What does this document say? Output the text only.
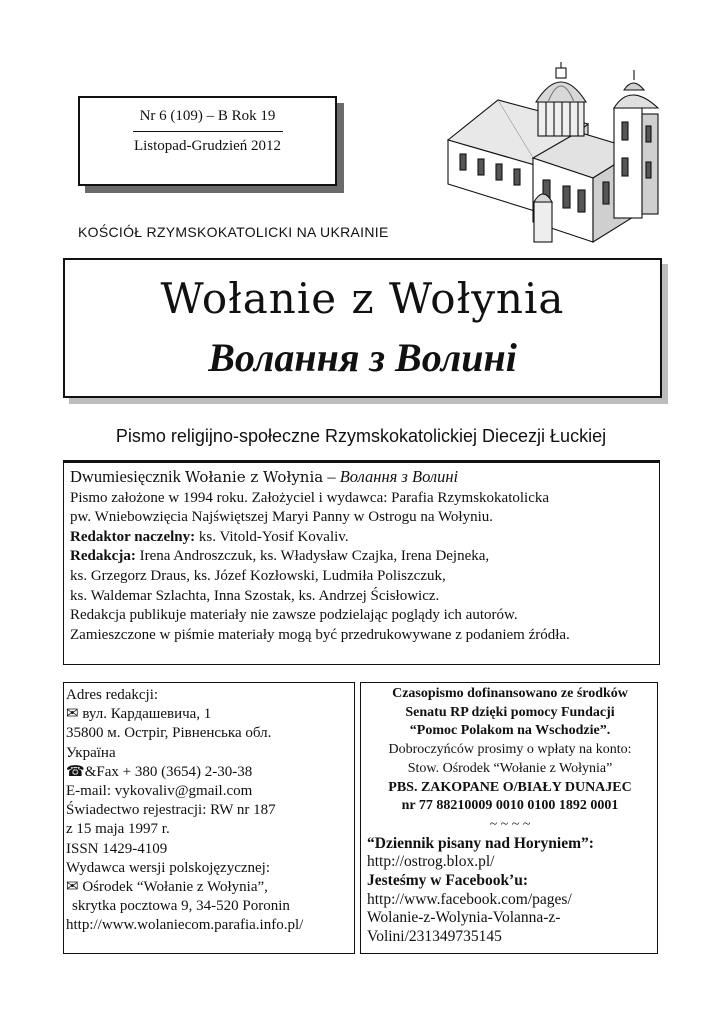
Nr 6 (109) – B Rok 19
Listopad-Grudzień 2012
KOŚCIÓŁ RZYMSKOKATOLICKI NA UKRAINIE
Wołanie z Wołynia
Волання з Волині
Pismo religijno-społeczne Rzymskokatolickiej Diecezji Łuckiej
Dwumiesięcznik Wołanie z Wołynia – Волання з Волині
Pismo założone w 1994 roku. Założyciel i wydawca: Parafia Rzymskokatolicka
pw. Wniebowzięcia Najświętszej Maryi Panny w Ostrogu na Wołyniu.
Redaktor naczelny: ks. Vitold-Yosif Kovaliv.
Redakcja: Irena Androszczuk, ks. Władysław Czajka, Irena Dejneka,
ks. Grzegorz Draus, ks. Józef Kozłowski, Ludmiła Poliszczuk,
ks. Waldemar Szlachta, Inna Szostak, ks. Andrzej Ścisłowicz.
Redakcja publikuje materiały nie zawsze podzielając poglądy ich autorów.
Zamieszczone w piśmie materiały mogą być przedrukowywane z podaniem źródła.
Adres redakcji:
✉ вул. Кардашевича, 1
35800 м. Острiг, Рiвненська обл.
Україна
☎&Fax + 380 (3654) 2-30-38
E-mail: vykovaliv@gmail.com
Świadectwo rejestracji: RW nr 187
z 15 maja 1997 r.
ISSN 1429-4109
Wydawca wersji polskojęzycznej:
✉ Ośrodek “Wołanie z Wołynia”,
skrytka pocztowa 9, 34-520 Poronin
http://www.wolaniecom.parafia.info.pl/
Czasopismo dofinansowano ze środków
Senatu RP dzięki pomocy Fundacji
“Pomoc Polakom na Wschodzie”.
Dobroczyńców prosimy o wpłaty na konto:
Stow. Ośrodek “Wołanie z Wołynia”
PBS. ZAKOPANE O/BIAŁY DUNAJEC
nr 77 88210009 0010 0100 1892 0001
~ ~ ~ ~
“Dziennik pisany nad Horyniem”:
http://ostrog.blox.pl/
Jesteśmy w Facebook’u:
http://www.facebook.com/pages/
Wolanie-z-Wolynia-Volanna-z-
Volini/231349735145
